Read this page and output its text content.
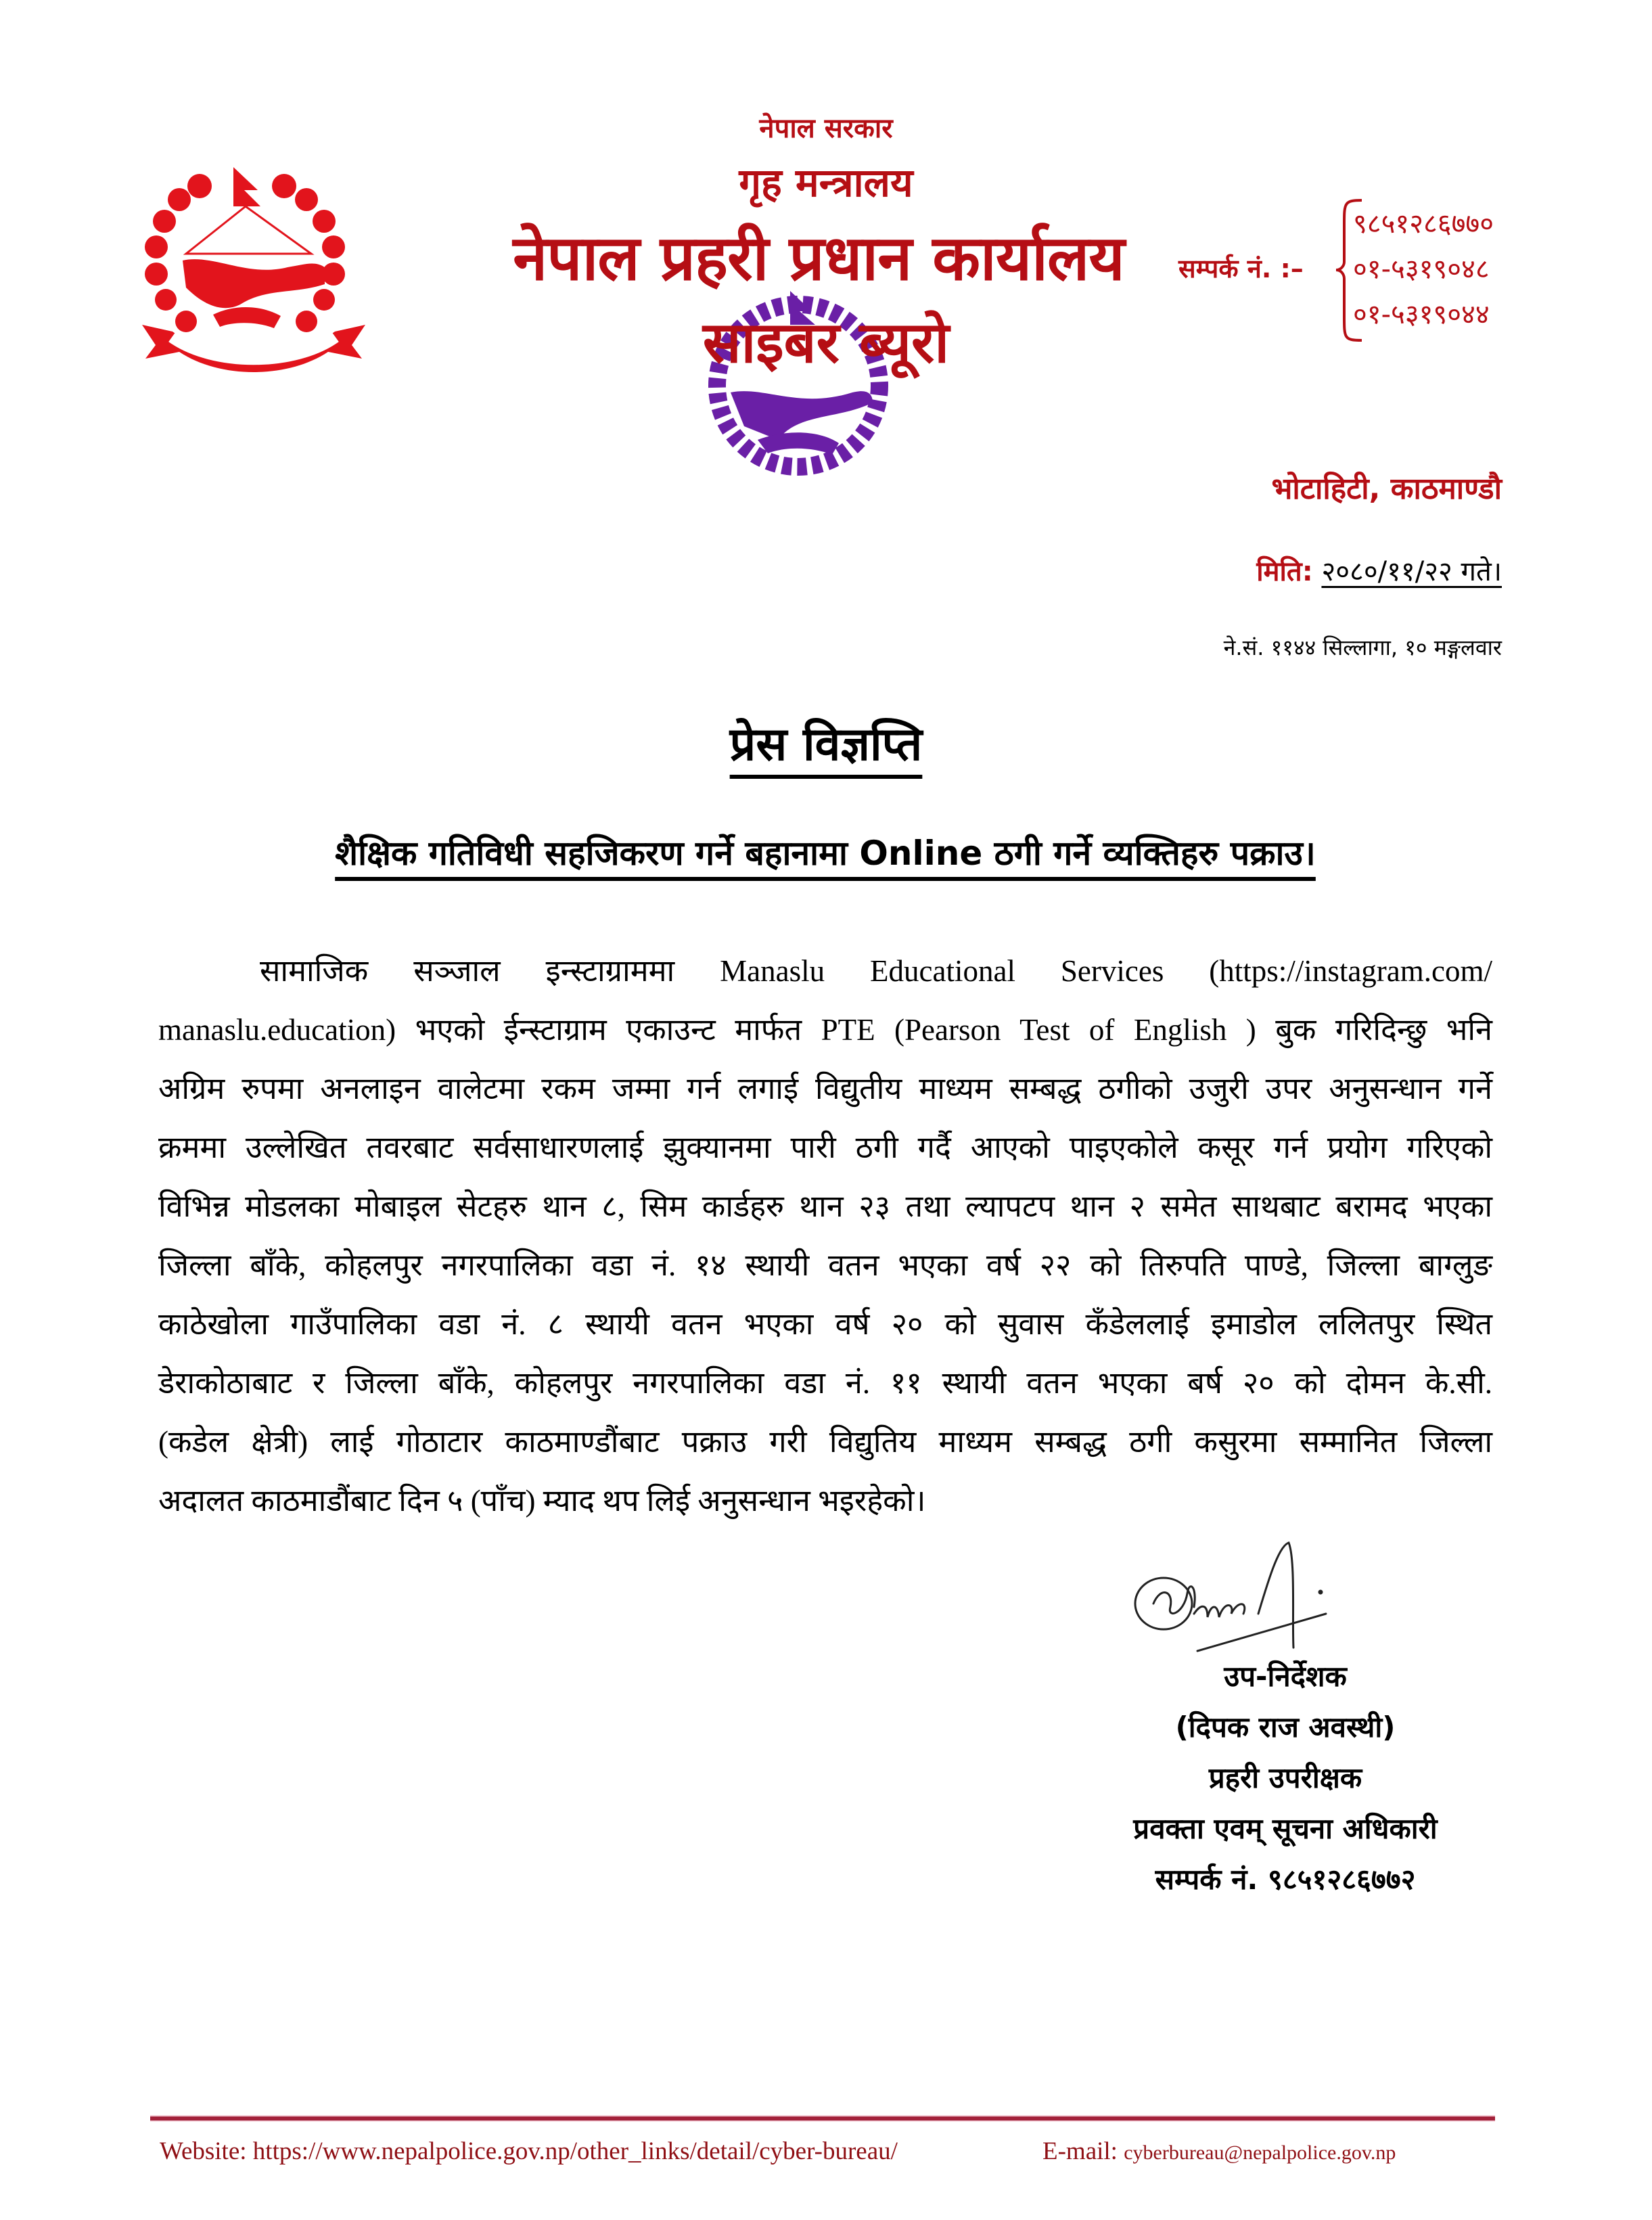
नेपाल सरकार
गृह मन्त्रालय
नेपाल प्रहरी प्रधान कार्यालय
साइबर ब्यूरो
सम्पर्क नं. :–
९८५१२८६७७०
०१-५३१९०४८
०१-५३१९०४४
भोटाहिटी, काठमाण्डौ
मिति: २०८०/११/२२ गते।
ने.सं. ११४४ सिल्लागा, १० मङ्गलवार
प्रेस विज्ञप्ति
शैक्षिक गतिविधी सहजिकरण गर्ने बहानामा Online ठगी गर्ने व्यक्तिहरु पक्राउ।
सामाजिक सञ्जाल इन्स्टाग्राममा Manaslu Educational Services (https://instagram.com/
manaslu.education) भएको ईन्स्टाग्राम एकाउन्ट मार्फत PTE (Pearson Test of English ) बुक गरिदिन्छु भनि
अग्रिम रुपमा अनलाइन वालेटमा रकम जम्मा गर्न लगाई विद्युतीय माध्यम सम्बद्ध ठगीको उजुरी उपर अनुसन्धान गर्ने
क्रममा उल्लेखित तवरबाट सर्वसाधारणलाई झुक्यानमा पारी ठगी गर्दै आएको पाइएकोले कसूर गर्न प्रयोग गरिएको
विभिन्न मोडलका मोबाइल सेटहरु थान ८, सिम कार्डहरु थान २३ तथा ल्यापटप थान २ समेत साथबाट बरामद भएका
जिल्ला बाँके, कोहलपुर नगरपालिका वडा नं. १४ स्थायी वतन भएका वर्ष २२ को तिरुपति पाण्डे, जिल्ला बाग्लुङ
काठेखोला गाउँपालिका वडा नं. ८ स्थायी वतन भएका वर्ष २० को सुवास कँडेललाई इमाडोल ललितपुर स्थित
डेराकोठाबाट र जिल्ला बाँके, कोहलपुर नगरपालिका वडा नं. ११ स्थायी वतन भएका बर्ष २० को दोमन के.सी.
(कडेल क्षेत्री) लाई गोठाटार काठमाण्डौंबाट पक्राउ गरी विद्युतिय माध्यम सम्बद्ध ठगी कसुरमा सम्मानित जिल्ला
अदालत काठमाडौंबाट दिन ५ (पाँच) म्याद थप लिई अनुसन्धान भइरहेको।
उप-निर्देशक
(दिपक राज अवस्थी)
प्रहरी उपरीक्षक
प्रवक्ता एवम् सूचना अधिकारी
सम्पर्क नं. ९८५१२८६७७२
Website: https://www.nepalpolice.gov.np/other_links/detail/cyber-bureau/	E-mail: cyberbureau@nepalpolice.gov.np
